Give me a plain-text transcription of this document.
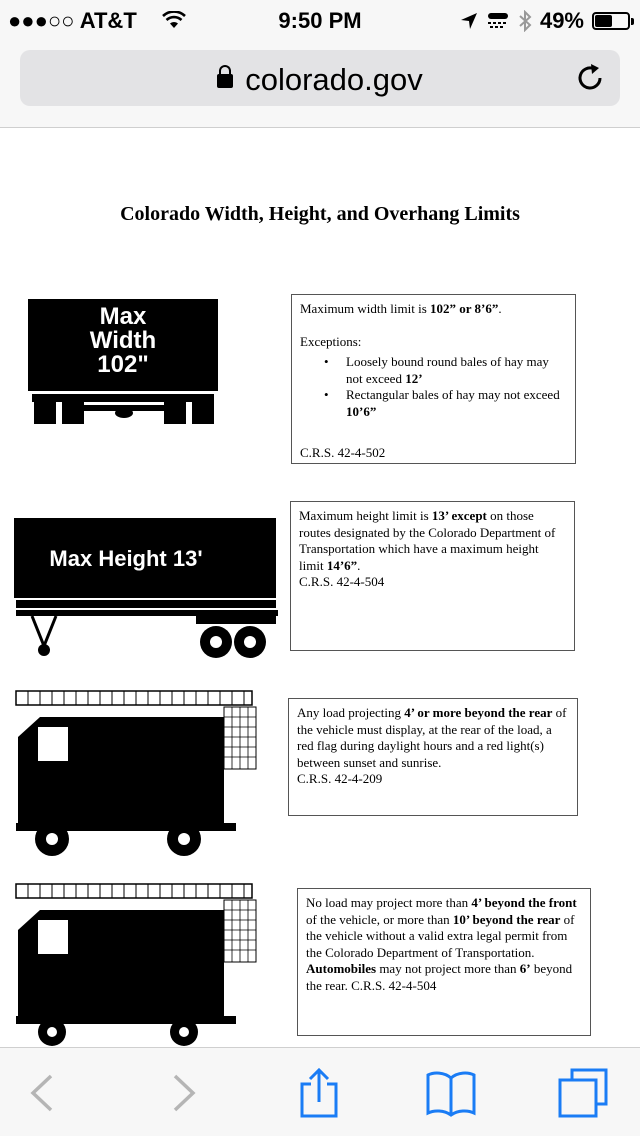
●●●○○ AT&T	9:50 PM	49%
colorado.gov
Colorado Width, Height, and Overhang Limits
Max
Width
102"

Maximum width limit is 102” or 8’6”.

Exceptions:

• Loosely bound round bales of hay may not exceed 12’
• Rectangular bales of hay may not exceed 10’6”

C.R.S. 42-4-502

Max Height 13'

Maximum height limit is 13’ except on those routes designated by the Colorado Department of Transportation which have a maximum height limit 14’6”.

C.R.S. 42-4-504

Any load projecting 4’ or more beyond the rear of the vehicle must display, at the rear of the load, a red flag during daylight hours and a red light(s) between sunset and sunrise.

C.R.S. 42-4-209

No load may project more than 4’ beyond the front of the vehicle, or more than 10’ beyond the rear of the vehicle without a valid extra legal permit from the Colorado Department of Transportation.

Automobiles may not project more than 6’ beyond the rear. C.R.S. 42-4-504
